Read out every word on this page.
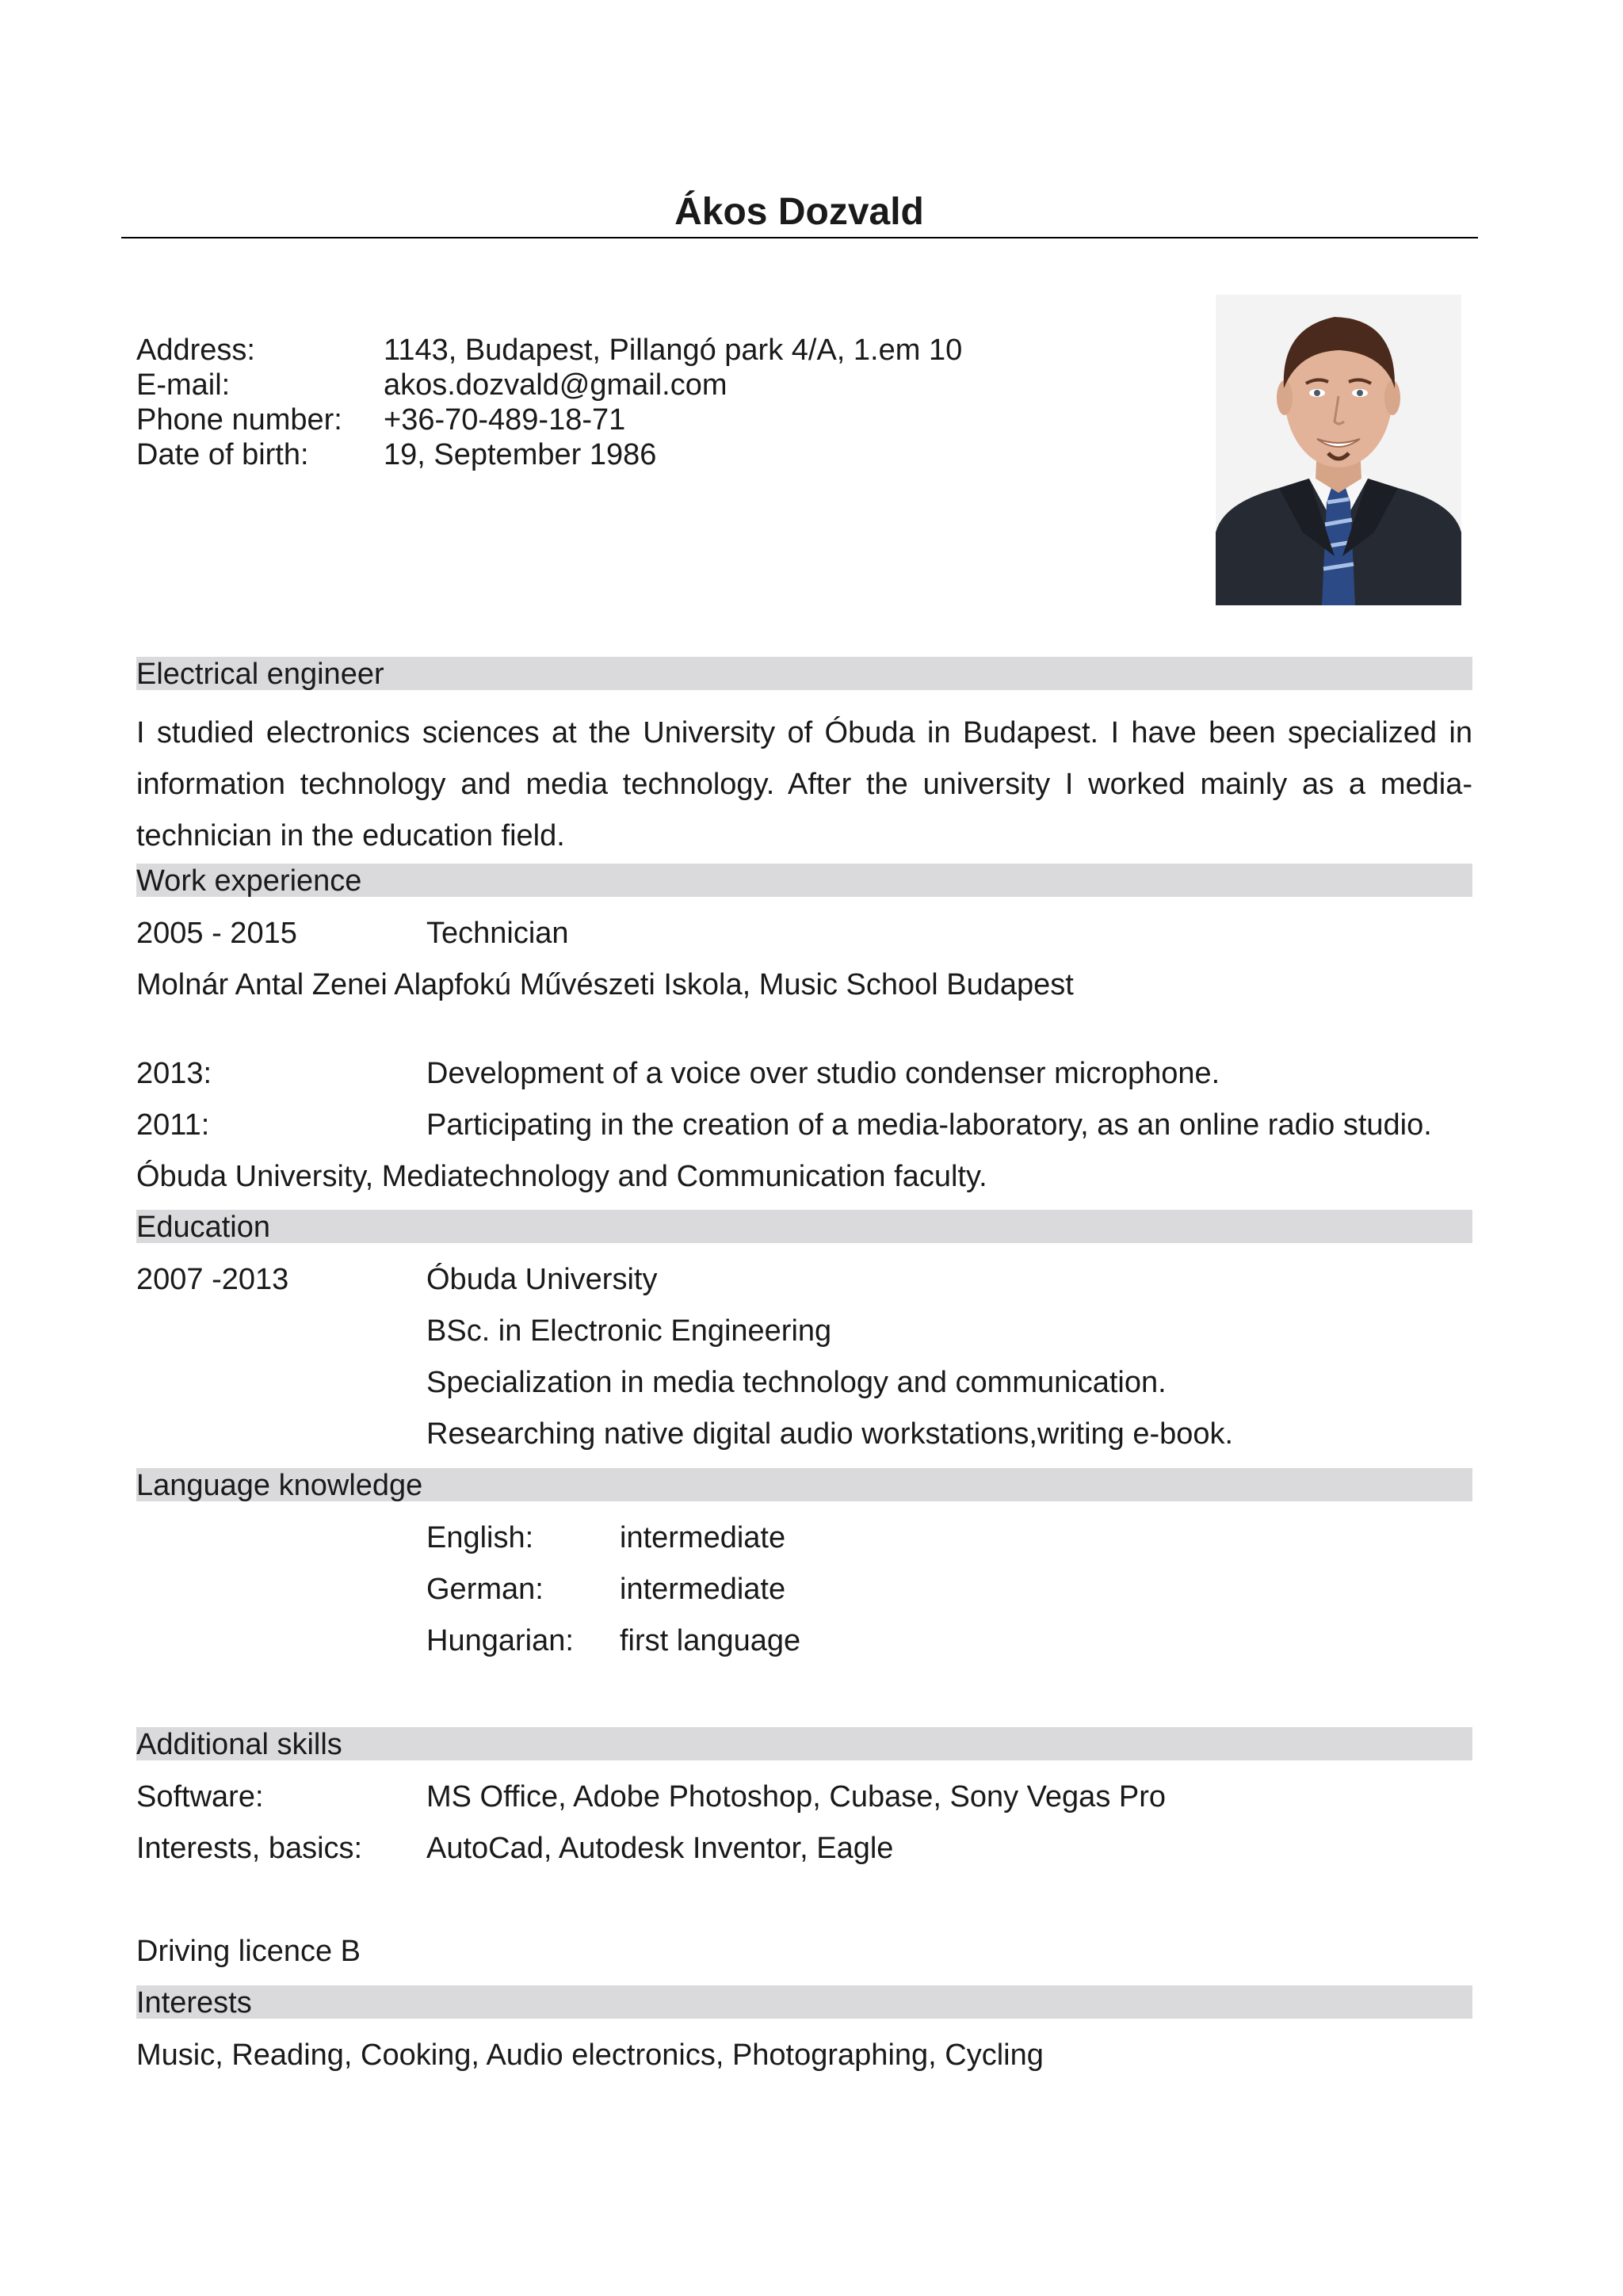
Ákos Dozvald
Address:	1143, Budapest, Pillangó park 4/A, 1.em 10
E-mail:	akos.dozvald@gmail.com
Phone number: +36-70-489-18-71
Date of birth: 19, September 1986
Electrical engineer

I studied electronics sciences at the University of Óbuda in Budapest. I have been specialized in information technology and media technology. After the university I worked mainly as a media-technician in the education field.

Work experience
2005 - 2015	Technician
Molnár Antal Zenei Alapfokú Művészeti Iskola, Music School Budapest
2013:	Development of a voice over studio condenser microphone.
2011:	Participating in the creation of a media-laboratory, as an online radio studio.
Óbuda University, Mediatechnology and Communication faculty.
Education
2007 -2013	Óbuda University
BSc. in Electronic Engineering
Specialization in media technology and communication.
Researching native digital audio workstations,writing e-book.
Language knowledge
English:	intermediate
German:	intermediate
Hungarian: first language
Additional skills
Software:	MS Office, Adobe Photoshop, Cubase, Sony Vegas Pro
Interests, basics: AutoCad, Autodesk Inventor, Eagle
Driving licence B
Interests
Music, Reading, Cooking, Audio electronics, Photographing, Cycling
